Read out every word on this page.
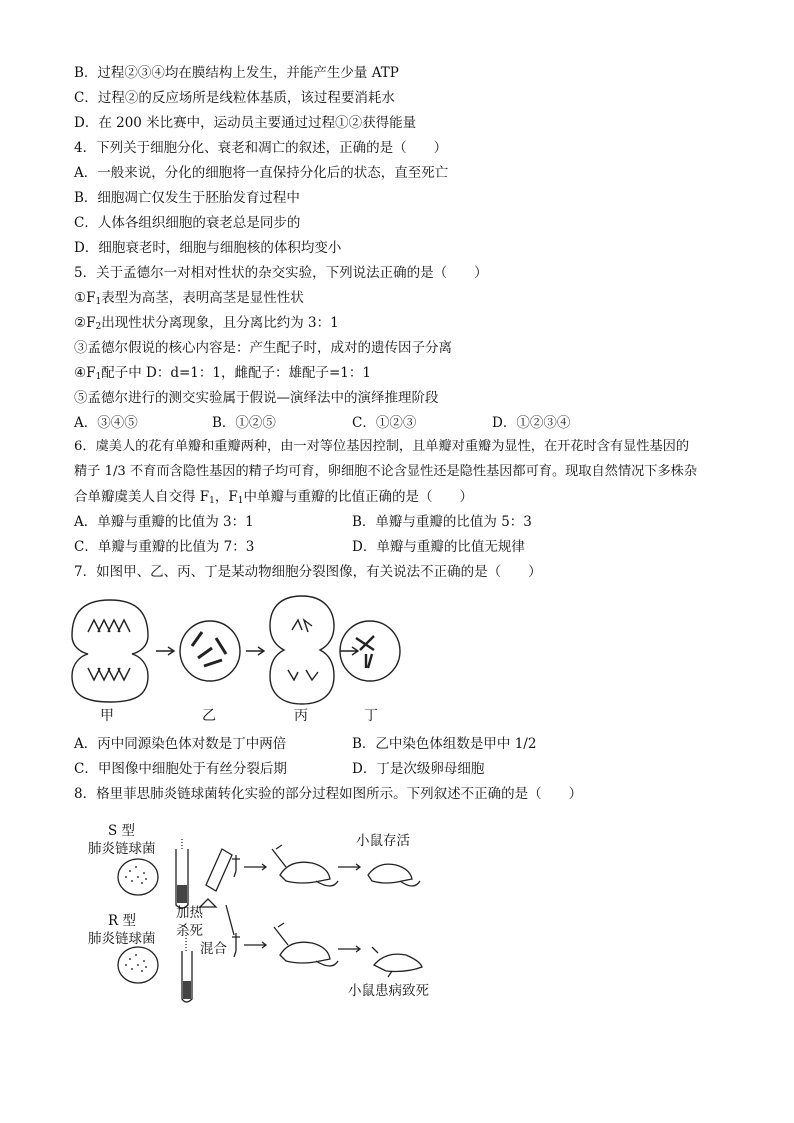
B．过程②③④均在膜结构上发生，并能产生少量 ATP
C．过程②的反应场所是线粒体基质，该过程要消耗水
D．在 200 米比赛中，运动员主要通过过程①②获得能量
4．下列关于细胞分化、衰老和凋亡的叙述，正确的是（　　）
A．一般来说，分化的细胞将一直保持分化后的状态，直至死亡
B．细胞凋亡仅发生于胚胎发育过程中
C．人体各组织细胞的衰老总是同步的
D．细胞衰老时，细胞与细胞核的体积均变小
5．关于孟德尔一对相对性状的杂交实验，下列说法正确的是（　　）
$①F_1$表型为高茎，表明高茎是显性性状
$②F_2$出现性状分离现象，且分离比约为 3：1
③孟德尔假说的核心内容是：产生配子时，成对的遗传因子分离
$④F_1$配子中 D：d=1：1，雌配子：雄配子=1：1
⑤孟德尔进行的测交实验属于假说—演绎法中的演绎推理阶段
A．③④⑤	B．①②⑤	C．①②③	D．①②③④
6．虞美人的花有单瓣和重瓣两种，由一对等位基因控制，且单瓣对重瓣为显性，在开花时含有显性基因的
精子 1/3 不育而含隐性基因的精子均可育，卵细胞不论含显性还是隐性基因都可育。现取自然情况下多株杂
合单瓣虞美人自交得 $F_1$，$F_1$中单瓣与重瓣的比值正确的是（　　）
A．单瓣与重瓣的比值为 3：1	B．单瓣与重瓣的比值为 5：3
C．单瓣与重瓣的比值为 7：3	D．单瓣与重瓣的比值无规律
7．如图甲、乙、丙、丁是某动物细胞分裂图像，有关说法不正确的是（　　）
甲	乙	丙	丁
A．丙中同源染色体对数是丁中两倍	B．乙中染色体组数是甲中 1/2
C．甲图像中细胞处于有丝分裂后期	D．丁是次级卵母细胞
8．格里菲思肺炎链球菌转化实验的部分过程如图所示。下列叙述不正确的是（　　）
S 型
肺炎链球菌
R 型
肺炎链球菌
加热
杀死
混合
小鼠存活
小鼠患病致死
